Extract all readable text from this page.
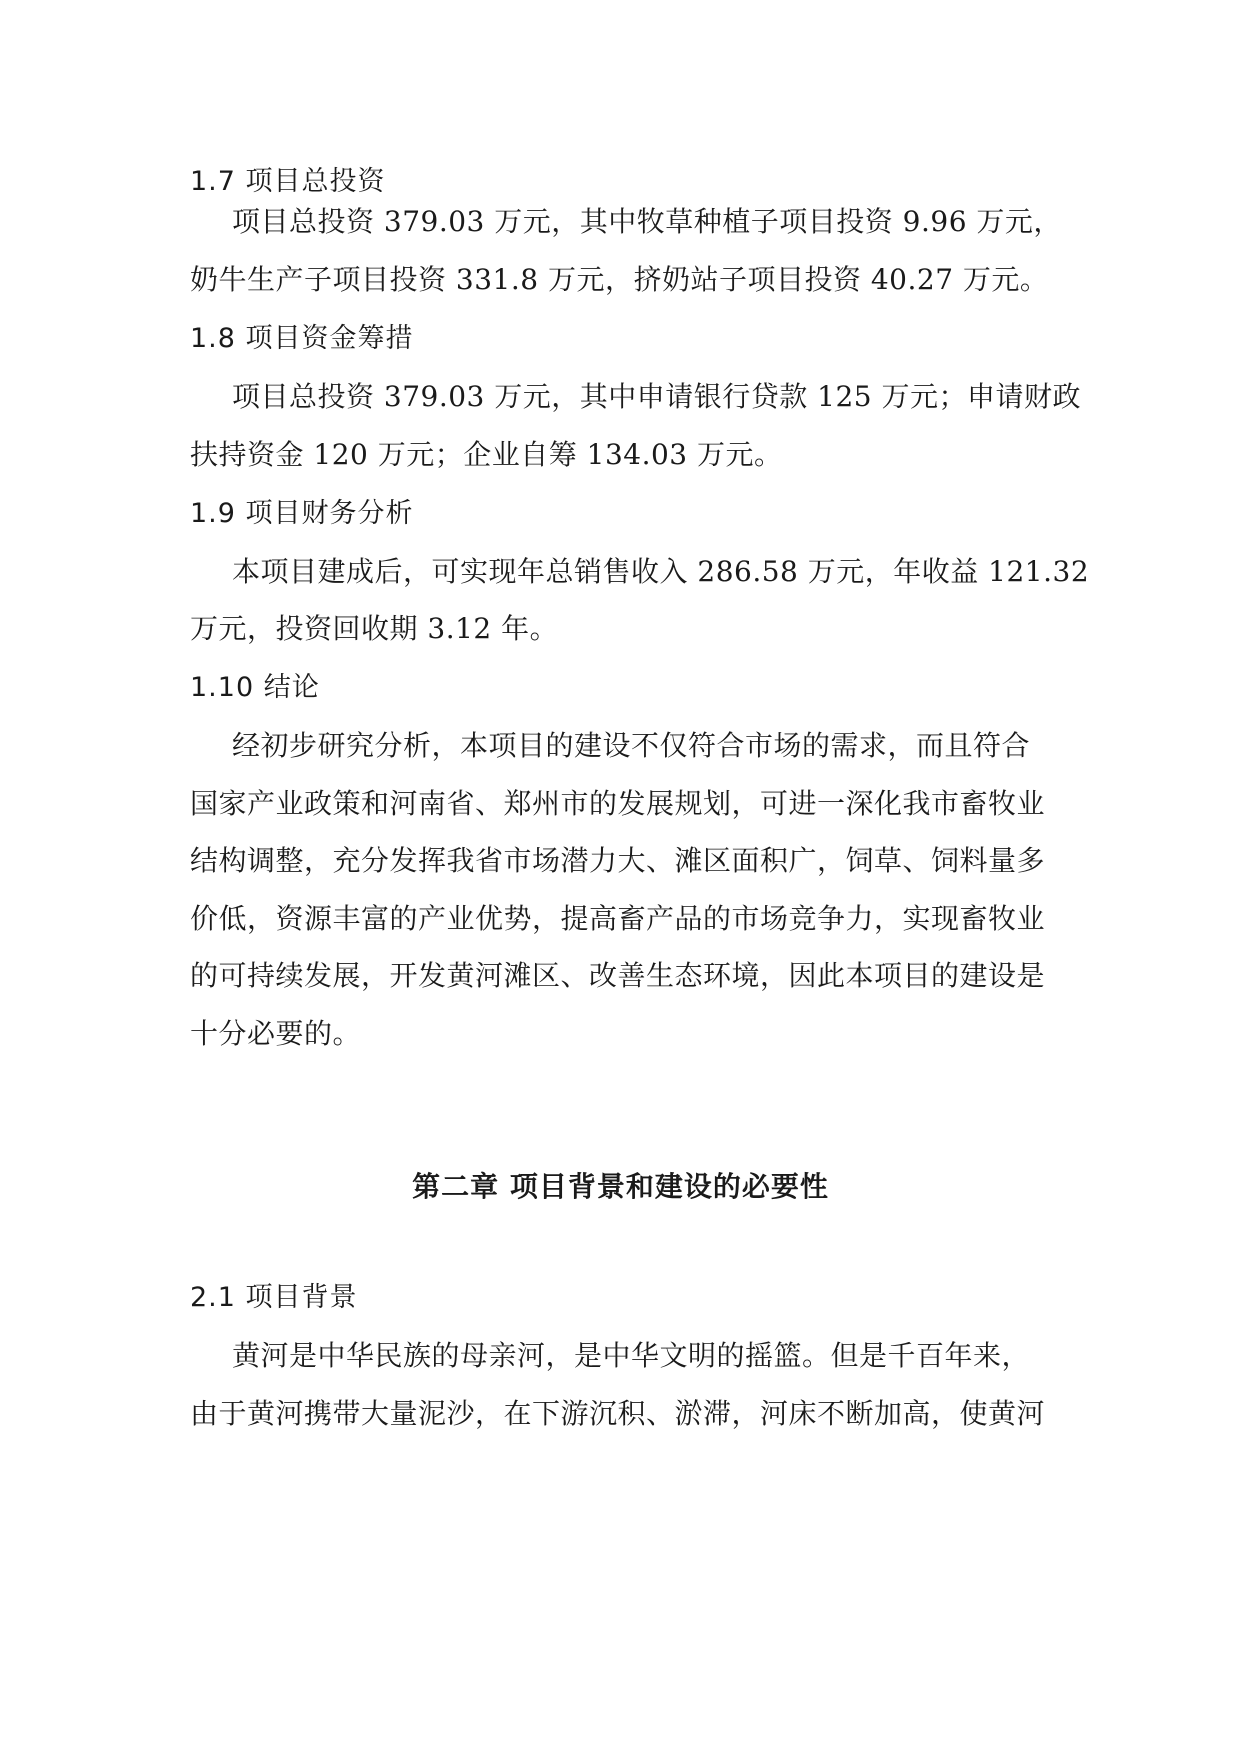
1.7 项目总投资
项目总投资 379.03 万元，其中牧草种植子项目投资 9.96 万元，
奶牛生产子项目投资 331.8 万元，挤奶站子项目投资 40.27 万元。
1.8 项目资金筹措
项目总投资 379.03 万元，其中申请银行贷款 125 万元；申请财政
扶持资金 120 万元；企业自筹 134.03 万元。
1.9 项目财务分析
本项目建成后，可实现年总销售收入 286.58 万元，年收益 121.32
万元，投资回收期 3.12 年。
1.10 结论
经初步研究分析，本项目的建设不仅符合市场的需求，而且符合
国家产业政策和河南省、郑州市的发展规划，可进一深化我市畜牧业
结构调整，充分发挥我省市场潜力大、滩区面积广，饲草、饲料量多
价低，资源丰富的产业优势，提高畜产品的市场竞争力，实现畜牧业
的可持续发展，开发黄河滩区、改善生态环境，因此本项目的建设是
十分必要的。
第二章 项目背景和建设的必要性
2.1 项目背景
黄河是中华民族的母亲河，是中华文明的摇篮。但是千百年来，
由于黄河携带大量泥沙，在下游沉积、淤滞，河床不断加高，使黄河
